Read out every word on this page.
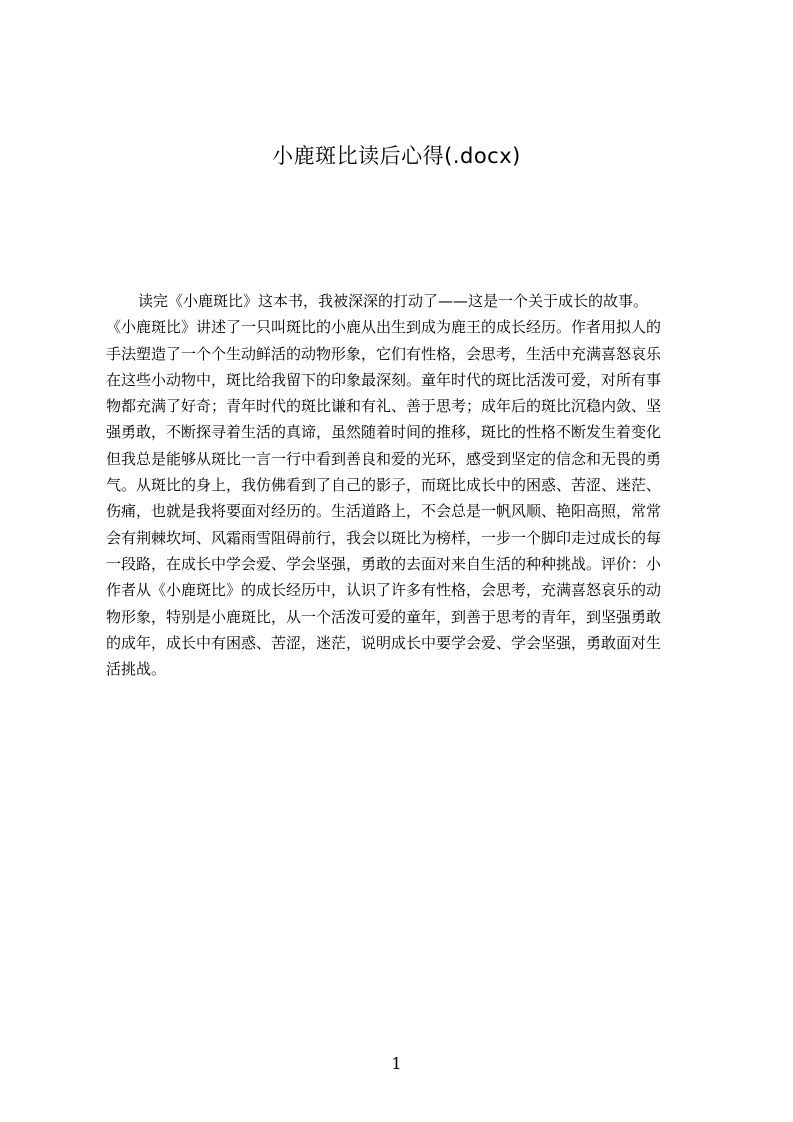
小鹿斑比读后心得(.docx)
读完《小鹿斑比》这本书，我被深深的打动了——这是一个关于成长的故事。
《小鹿斑比》讲述了一只叫斑比的小鹿从出生到成为鹿王的成长经历。作者用拟人的
手法塑造了一个个生动鲜活的动物形象，它们有性格，会思考，生活中充满喜怒哀乐
在这些小动物中，斑比给我留下的印象最深刻。童年时代的斑比活泼可爱，对所有事
物都充满了好奇；青年时代的斑比谦和有礼、善于思考；成年后的斑比沉稳内敛、坚
强勇敢，不断探寻着生活的真谛，虽然随着时间的推移，斑比的性格不断发生着变化
但我总是能够从斑比一言一行中看到善良和爱的光环，感受到坚定的信念和无畏的勇
气。从斑比的身上，我仿佛看到了自己的影子，而斑比成长中的困惑、苦涩、迷茫、
伤痛，也就是我将要面对经历的。生活道路上，不会总是一帆风顺、艳阳高照，常常
会有荆棘坎坷、风霜雨雪阻碍前行，我会以斑比为榜样，一步一个脚印走过成长的每
一段路，在成长中学会爱、学会坚强，勇敢的去面对来自生活的种种挑战。评价：小
作者从《小鹿斑比》的成长经历中，认识了许多有性格，会思考，充满喜怒哀乐的动
物形象，特别是小鹿斑比，从一个活泼可爱的童年，到善于思考的青年，到坚强勇敢
的成年，成长中有困惑、苦涩，迷茫，说明成长中要学会爱、学会坚强，勇敢面对生
活挑战。
1
